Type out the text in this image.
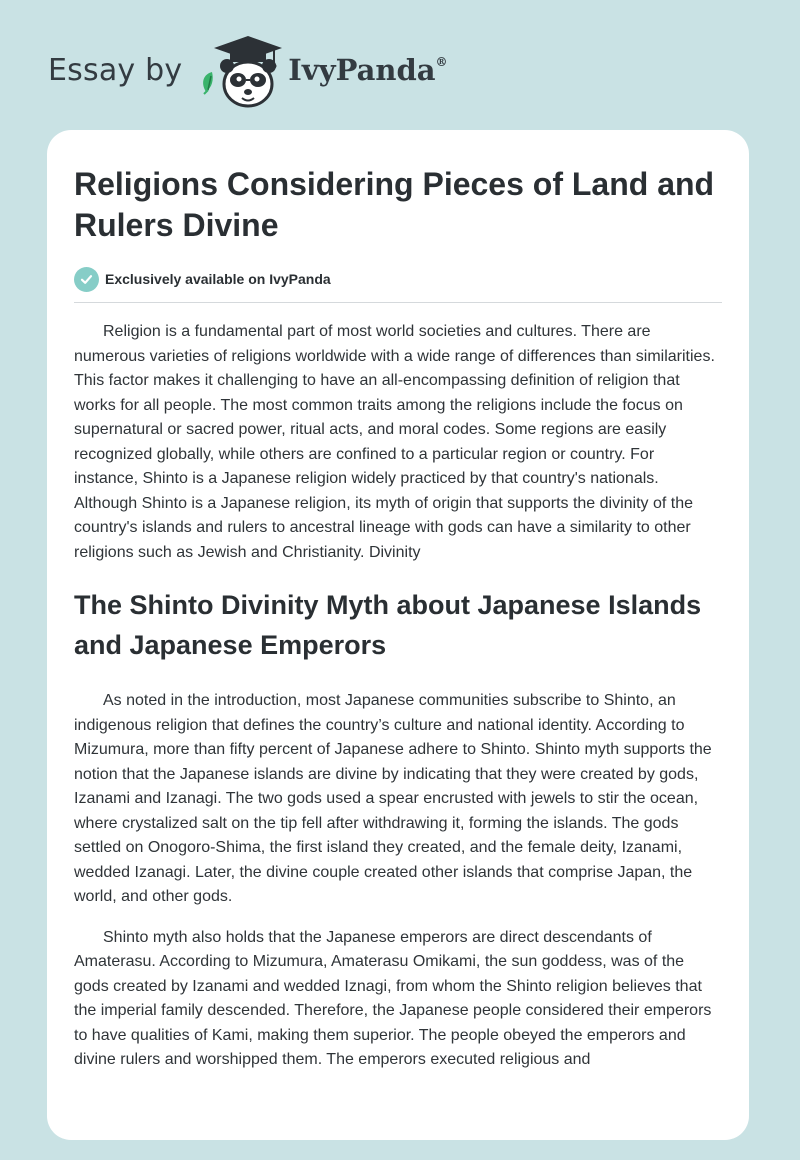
Essay by	IvyPanda®
Religions Considering Pieces of Land and Rulers Divine
Exclusively available on IvyPanda

Religion is a fundamental part of most world societies and cultures. There are numerous varieties of religions worldwide with a wide range of differences than similarities. This factor makes it challenging to have an all-encompassing definition of religion that works for all people. The most common traits among the religions include the focus on supernatural or sacred power, ritual acts, and moral codes. Some regions are easily recognized globally, while others are confined to a particular region or country. For instance, Shinto is a Japanese religion widely practiced by that country's nationals. Although Shinto is a Japanese religion, its myth of origin that supports the divinity of the country's islands and rulers to ancestral lineage with gods can have a similarity to other religions such as Jewish and Christianity. Divinity

The Shinto Divinity Myth about Japanese Islands and Japanese Emperors

As noted in the introduction, most Japanese communities subscribe to Shinto, an indigenous religion that defines the country’s culture and national identity. According to Mizumura, more than fifty percent of Japanese adhere to Shinto. Shinto myth supports the notion that the Japanese islands are divine by indicating that they were created by gods, Izanami and Izanagi. The two gods used a spear encrusted with jewels to stir the ocean, where crystalized salt on the tip fell after withdrawing it, forming the islands. The gods settled on Onogoro-Shima, the first island they created, and the female deity, Izanami, wedded Izanagi. Later, the divine couple created other islands that comprise Japan, the world, and other gods.

Shinto myth also holds that the Japanese emperors are direct descendants of Amaterasu. According to Mizumura, Amaterasu Omikami, the sun goddess, was of the gods created by Izanami and wedded Iznagi, from whom the Shinto religion believes that the imperial family descended. Therefore, the Japanese people considered their emperors to have qualities of Kami, making them superior. The people obeyed the emperors and divine rulers and worshipped them. The emperors executed religious and
